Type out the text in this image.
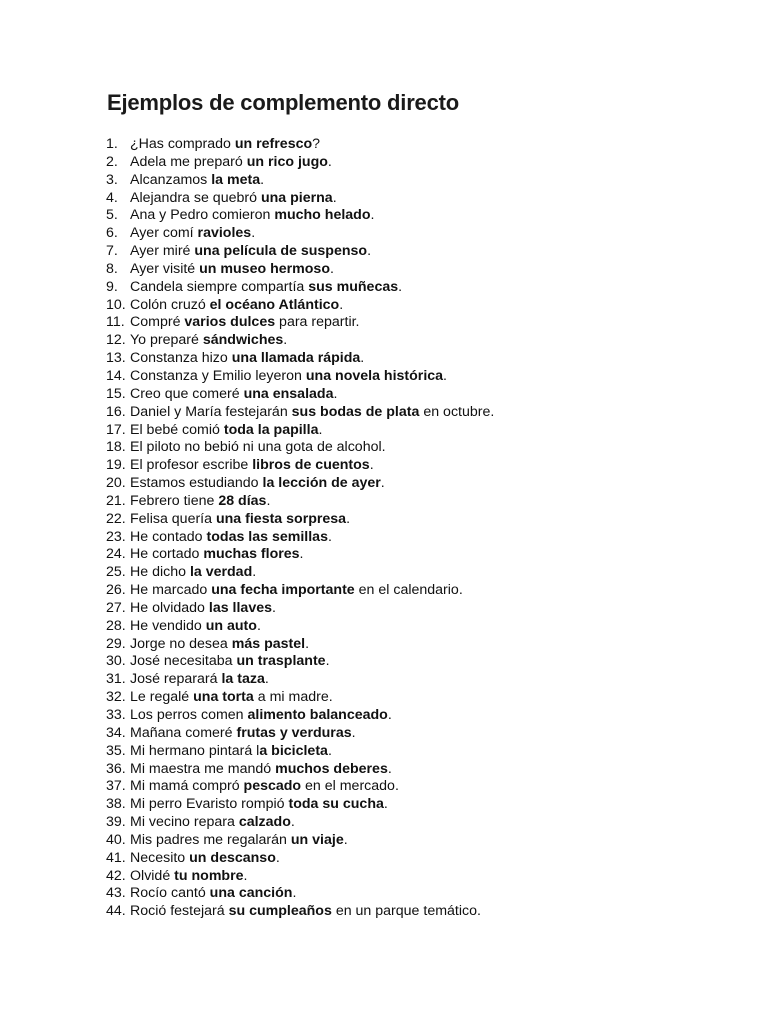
Ejemplos de complemento directo
1. ¿Has comprado un refresco?
2. Adela me preparó un rico jugo.
3. Alcanzamos la meta.
4. Alejandra se quebró una pierna.
5. Ana y Pedro comieron mucho helado.
6. Ayer comí ravioles.
7. Ayer miré una película de suspenso.
8. Ayer visité un museo hermoso.
9. Candela siempre compartía sus muñecas.
10. Colón cruzó el océano Atlántico.
11. Compré varios dulces para repartir.
12. Yo preparé sándwiches.
13. Constanza hizo una llamada rápida.
14. Constanza y Emilio leyeron una novela histórica.
15. Creo que comeré una ensalada.
16. Daniel y María festejarán sus bodas de plata en octubre.
17. El bebé comió toda la papilla.
18. El piloto no bebió ni una gota de alcohol.
19. El profesor escribe libros de cuentos.
20. Estamos estudiando la lección de ayer.
21. Febrero tiene 28 días.
22. Felisa quería una fiesta sorpresa.
23. He contado todas las semillas.
24. He cortado muchas flores.
25. He dicho la verdad.
26. He marcado una fecha importante en el calendario.
27. He olvidado las llaves.
28. He vendido un auto.
29. Jorge no desea más pastel.
30. José necesitaba un trasplante.
31. José reparará la taza.
32. Le regalé una torta a mi madre.
33. Los perros comen alimento balanceado.
34. Mañana comeré frutas y verduras.
35. Mi hermano pintará la bicicleta.
36. Mi maestra me mandó muchos deberes.
37. Mi mamá compró pescado en el mercado.
38. Mi perro Evaristo rompió toda su cucha.
39. Mi vecino repara calzado.
40. Mis padres me regalarán un viaje.
41. Necesito un descanso.
42. Olvidé tu nombre.
43. Rocío cantó una canción.
44. Roció festejará su cumpleaños en un parque temático.
